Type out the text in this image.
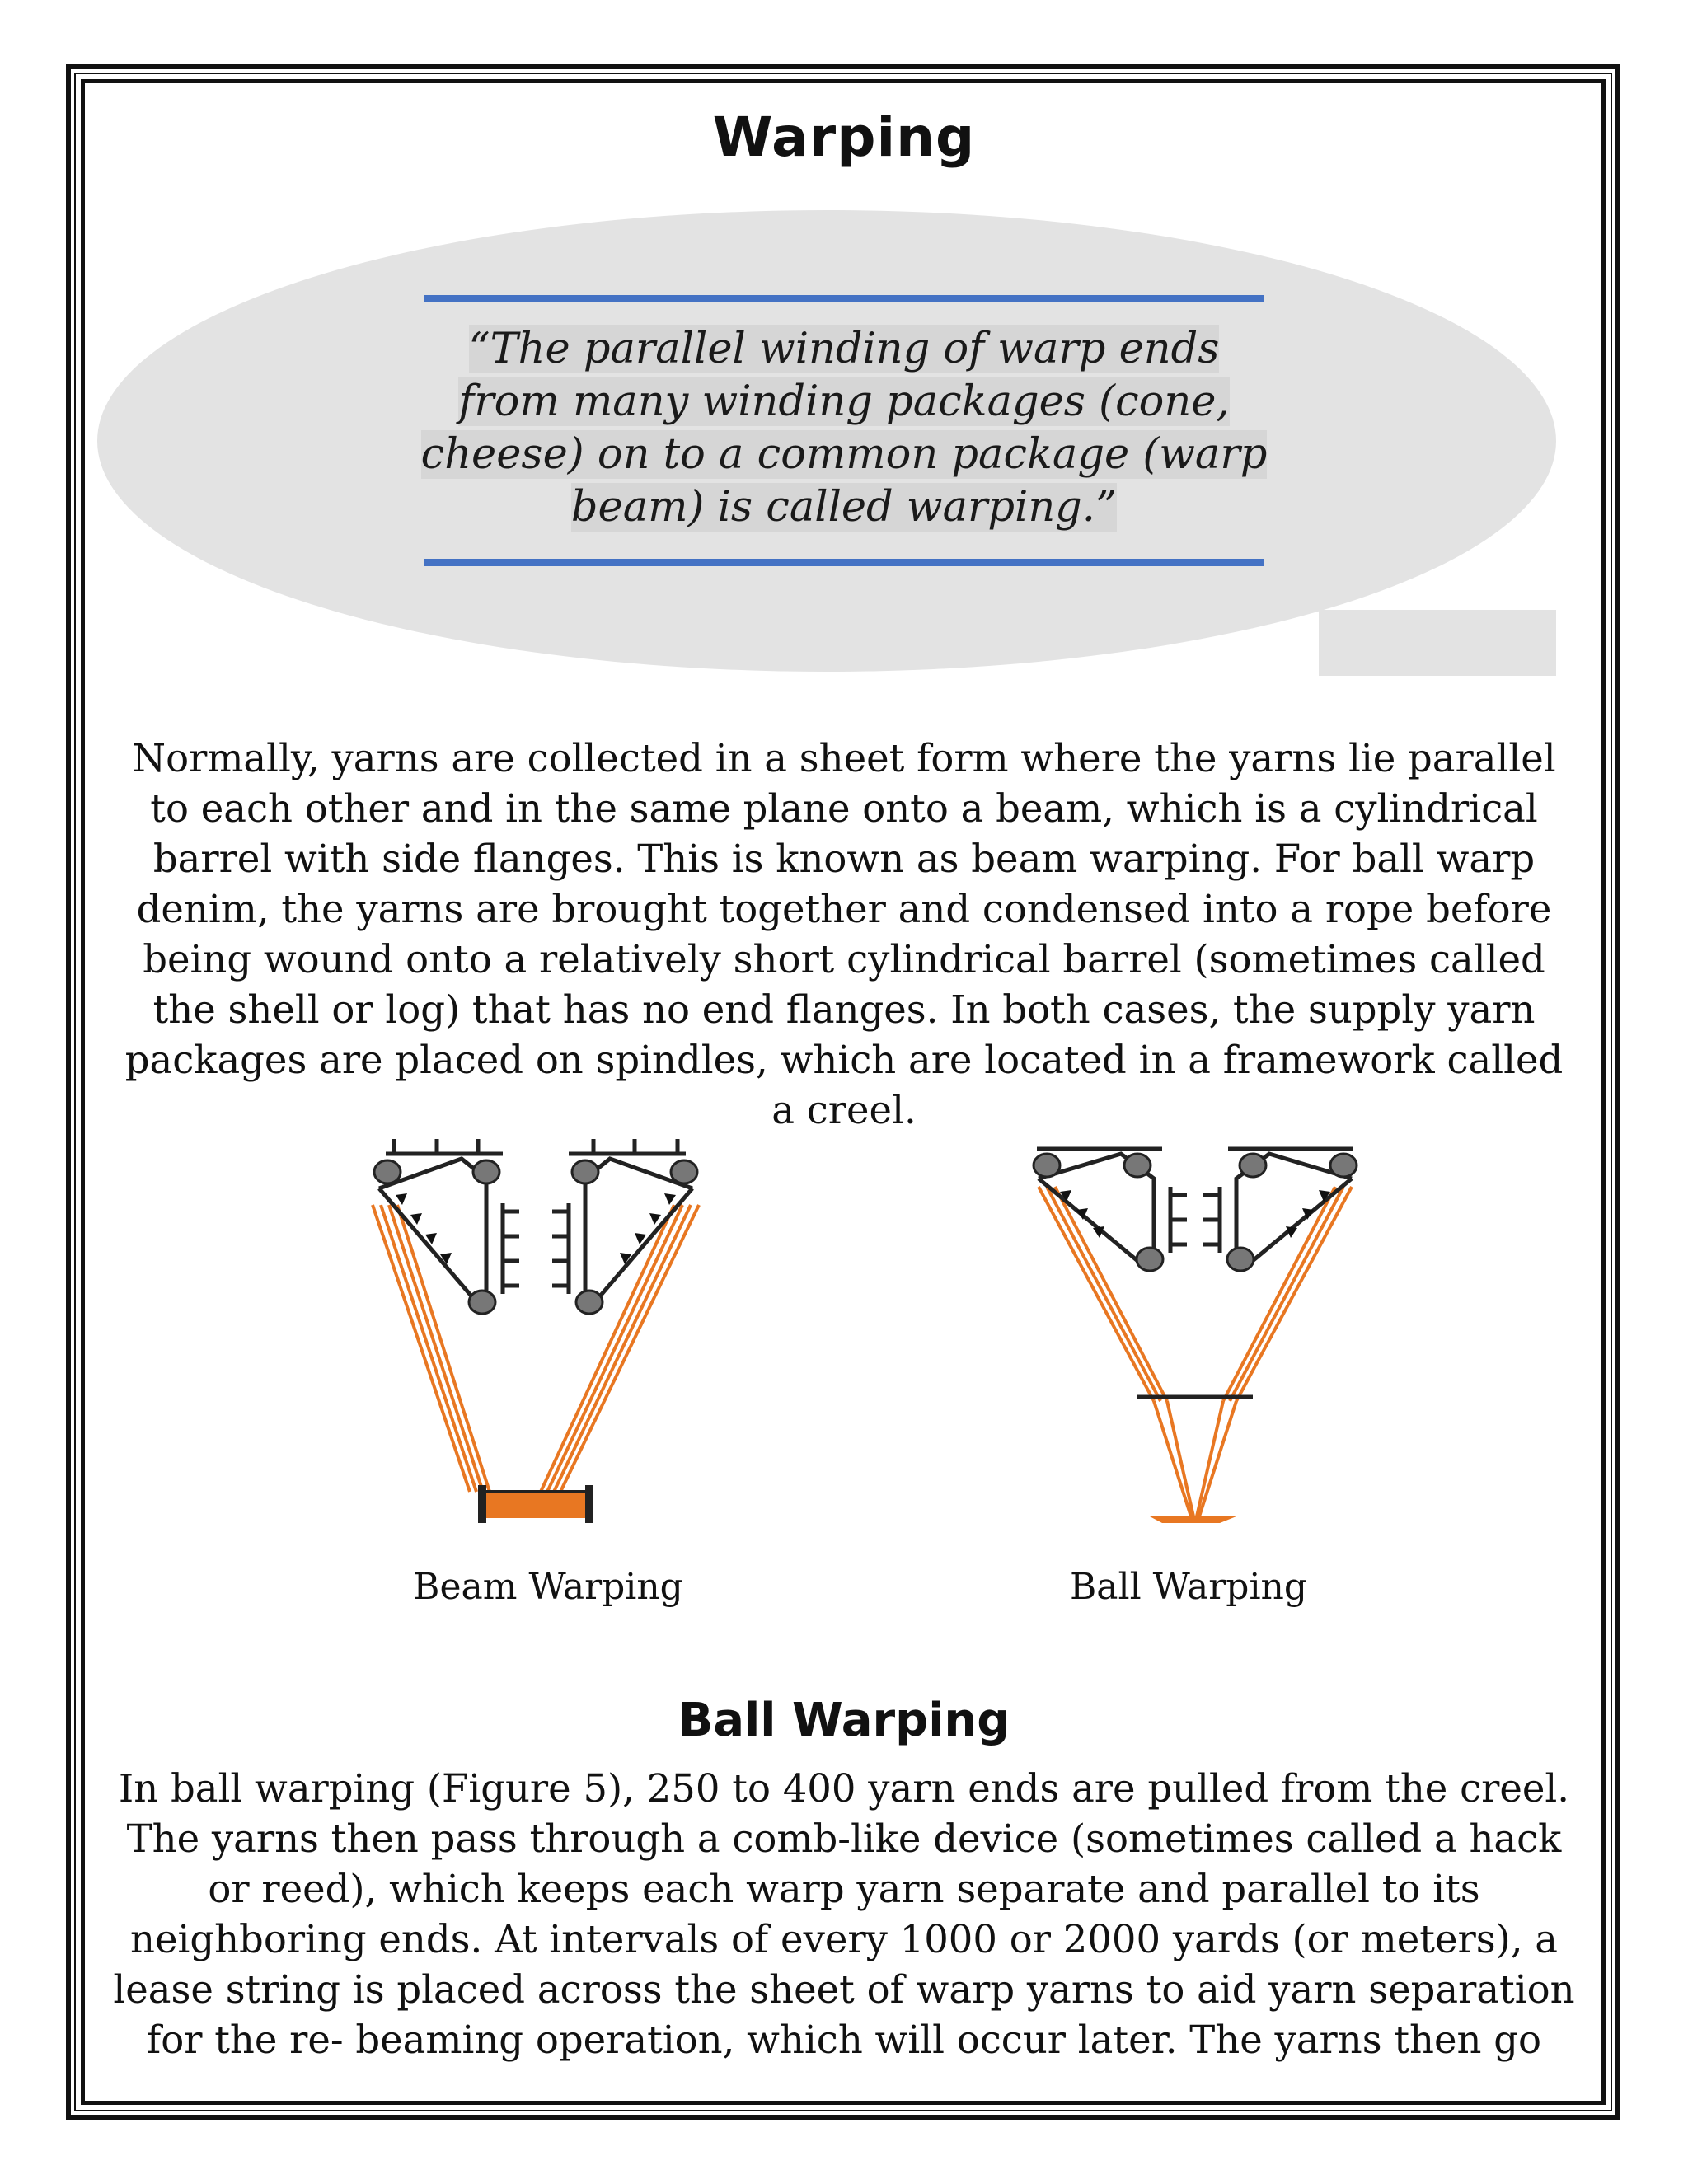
Warping
“The parallel winding of warp ends from many winding packages (cone, cheese) on to a common package (warp beam) is called warping.”
Normally, yarns are collected in a sheet form where the yarns lie parallel to each other and in the same plane onto a beam, which is a cylindrical barrel with side flanges. This is known as beam warping. For ball warp denim, the yarns are brought together and condensed into a rope before being wound onto a relatively short cylindrical barrel (sometimes called the shell or log) that has no end flanges. In both cases, the supply yarn packages are placed on spindles, which are located in a framework called a creel.
Beam Warping	Ball Warping
Ball Warping
In ball warping (Figure 5), 250 to 400 yarn ends are pulled from the creel. The yarns then pass through a comb-like device (sometimes called a hack or reed), which keeps each warp yarn separate and parallel to its neighboring ends. At intervals of every 1000 or 2000 yards (or meters), a lease string is placed across the sheet of warp yarns to aid yarn separation for the re- beaming operation, which will occur later. The yarns then go
